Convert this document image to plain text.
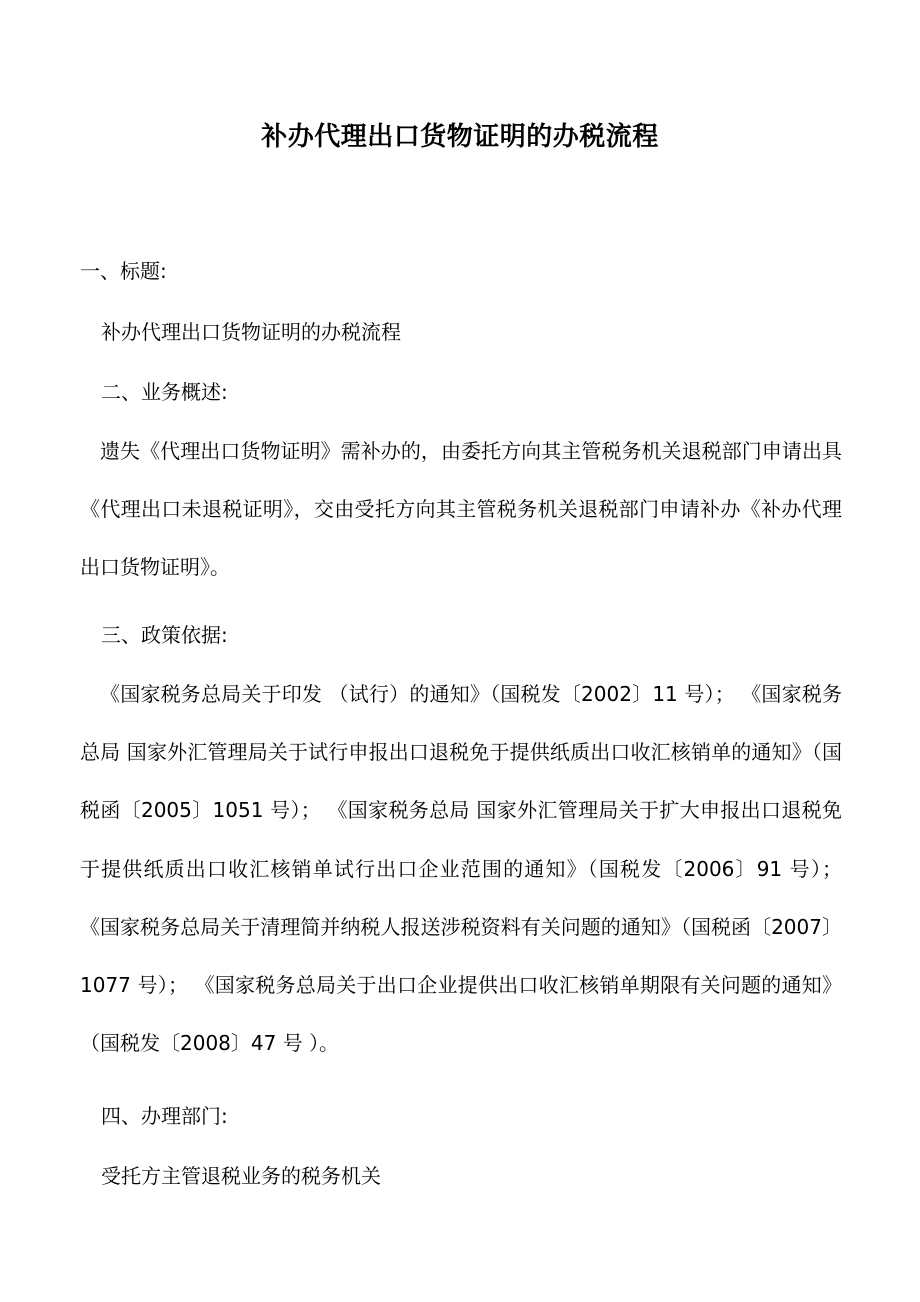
补办代理出口货物证明的办税流程
一、标题:
补办代理出口货物证明的办税流程
二、业务概述:
遗失《代理出口货物证明》需补办的，由委托方向其主管税务机关退税部门申请出具《代理出口未退税证明》，交由受托方向其主管税务机关退税部门申请补办《补办代理出口货物证明》。
三、政策依据:
《国家税务总局关于印发 （试行）的通知》（国税发〔2002〕11 号）； 《国家税务总局 国家外汇管理局关于试行申报出口退税免于提供纸质出口收汇核销单的通知》（国税函〔2005〕1051 号）； 《国家税务总局 国家外汇管理局关于扩大申报出口退税免于提供纸质出口收汇核销单试行出口企业范围的通知》（国税发〔2006〕91 号）； 《国家税务总局关于清理简并纳税人报送涉税资料有关问题的通知》（国税函〔2007〕1077 号）； 《国家税务总局关于出口企业提供出口收汇核销单期限有关问题的通知》（国税发〔2008〕47 号 ）。
四、办理部门:
受托方主管退税业务的税务机关
